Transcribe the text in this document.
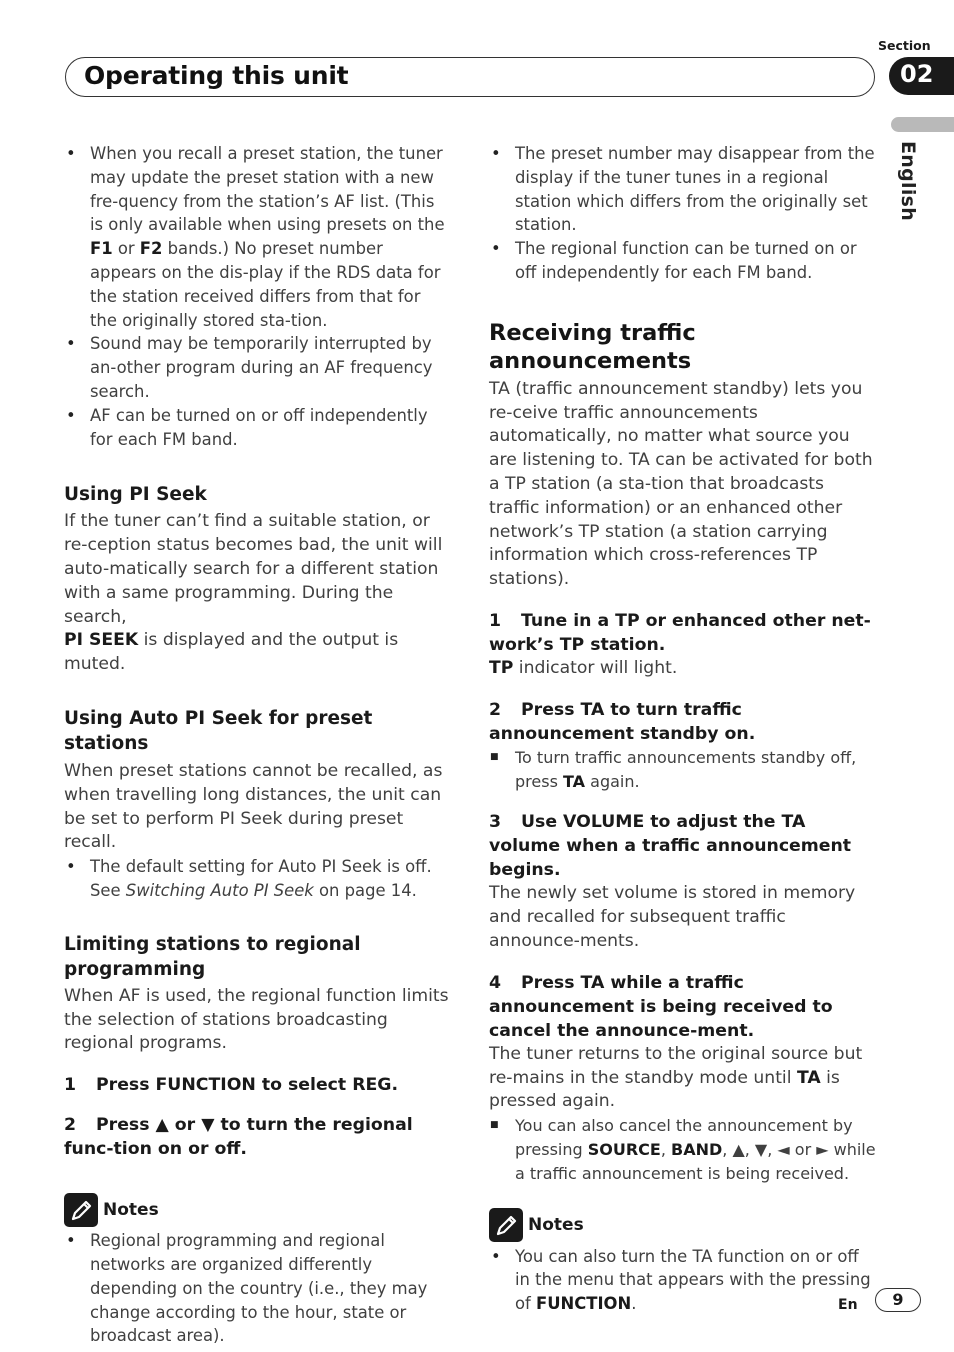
Section
Operating this unit	02
English
• When you recall a preset station, the tuner may update the preset station with a new fre-quency from the station’s AF list. (This is only available when using presets on the F1 or F2 bands.) No preset number appears on the dis-play if the RDS data for the station received differs from that for the originally stored sta-tion.
• Sound may be temporarily interrupted by an-other program during an AF frequency search.
• AF can be turned on or off independently for each FM band.
Using PI Seek
If the tuner can’t find a suitable station, or re-ception status becomes bad, the unit will auto-matically search for a different station with a same programming. During the search,
PI SEEK is displayed and the output is muted.
Using Auto PI Seek for preset stations
When preset stations cannot be recalled, as when travelling long distances, the unit can be set to perform PI Seek during preset recall.
• The default setting for Auto PI Seek is off. See Switching Auto PI Seek on page 14.
Limiting stations to regional programming
When AF is used, the regional function limits the selection of stations broadcasting regional programs.
1 Press FUNCTION to select REG.
2 Press ▲ or ▼ to turn the regional func-tion on or off.
Notes
• Regional programming and regional networks are organized differently depending on the country (i.e., they may change according to the hour, state or broadcast area).
• The preset number may disappear from the display if the tuner tunes in a regional station which differs from the originally set station.
• The regional function can be turned on or off independently for each FM band.
Receiving traffic announcements
TA (traffic announcement standby) lets you re-ceive traffic announcements automatically, no matter what source you are listening to. TA can be activated for both a TP station (a sta-tion that broadcasts traffic information) or an enhanced other network’s TP station (a station carrying information which cross-references TP stations).
1 Tune in a TP or enhanced other net-work’s TP station.
TP indicator will light.
2 Press TA to turn traffic announcement standby on.
■ To turn traffic announcements standby off, press TA again.
3 Use VOLUME to adjust the TA volume when a traffic announcement begins.
The newly set volume is stored in memory and recalled for subsequent traffic announce-ments.
4 Press TA while a traffic announcement is being received to cancel the announce-ment.
The tuner returns to the original source but re-mains in the standby mode until TA is pressed again.
■ You can also cancel the announcement by pressing SOURCE, BAND, ▲, ▼, ◄ or ► while a traffic announcement is being received.
Notes
• You can also turn the TA function on or off in the menu that appears with the pressing of FUNCTION.	En	9
